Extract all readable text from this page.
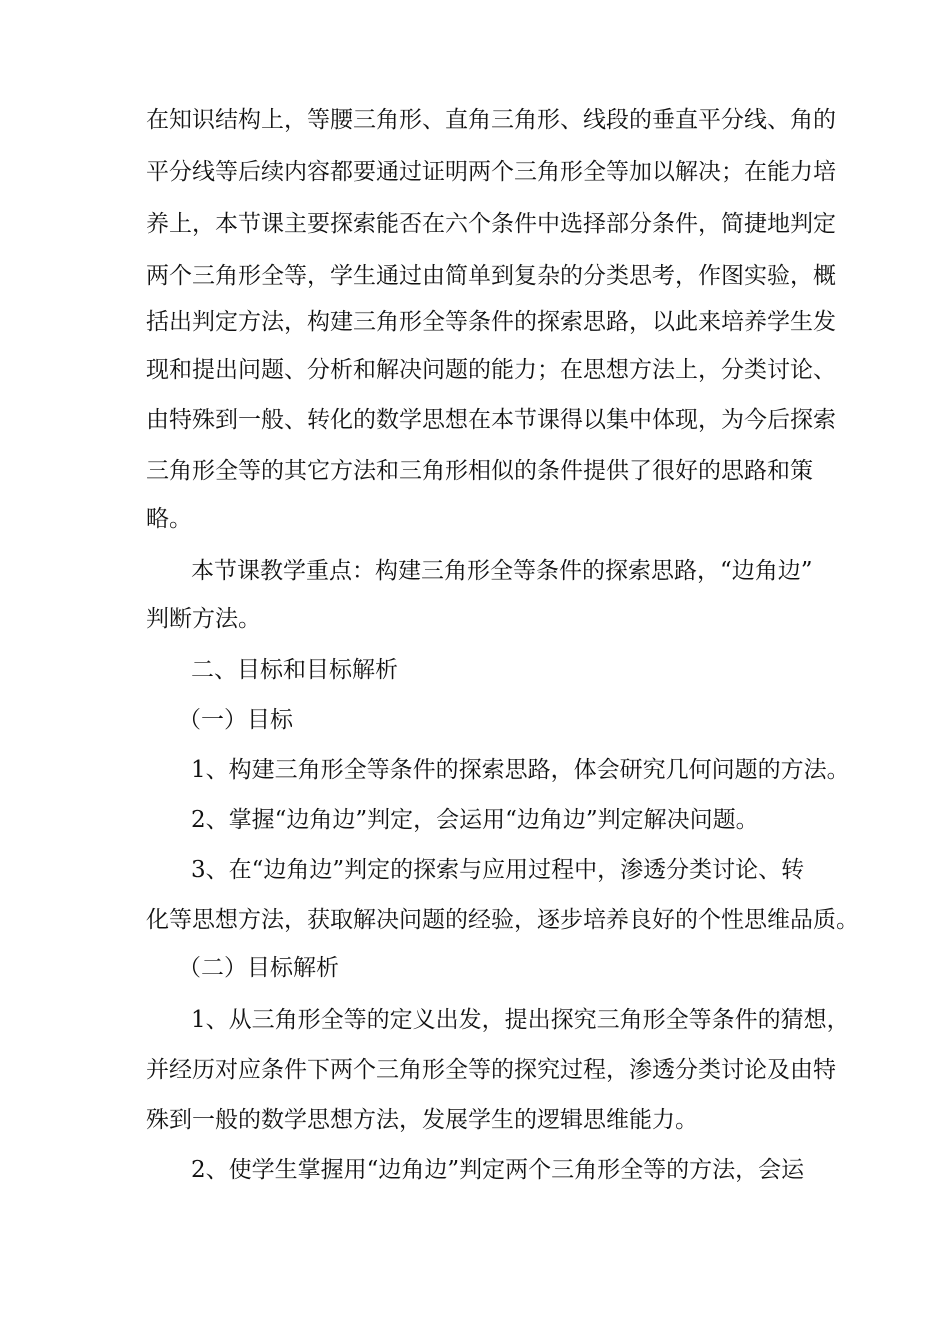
在知识结构上，等腰三角形、直角三角形、线段的垂直平分线、角的
平分线等后续内容都要通过证明两个三角形全等加以解决；在能力培
养上，本节课主要探索能否在六个条件中选择部分条件，简捷地判定
两个三角形全等，学生通过由简单到复杂的分类思考，作图实验，概
括出判定方法，构建三角形全等条件的探索思路，以此来培养学生发
现和提出问题、分析和解决问题的能力；在思想方法上，分类讨论、
由特殊到一般、转化的数学思想在本节课得以集中体现，为今后探索
三角形全等的其它方法和三角形相似的条件提供了很好的思路和策
略。
本节课教学重点：构建三角形全等条件的探索思路，“边角边”
判断方法。
二、目标和目标解析
（一）目标
1、构建三角形全等条件的探索思路，体会研究几何问题的方法。
2、掌握“边角边”判定，会运用“边角边”判定解决问题。
3、在“边角边”判定的探索与应用过程中，渗透分类讨论、转
化等思想方法，获取解决问题的经验，逐步培养良好的个性思维品质。
（二）目标解析
1、从三角形全等的定义出发，提出探究三角形全等条件的猜想，
并经历对应条件下两个三角形全等的探究过程，渗透分类讨论及由特
殊到一般的数学思想方法，发展学生的逻辑思维能力。
2、使学生掌握用“边角边”判定两个三角形全等的方法，会运
